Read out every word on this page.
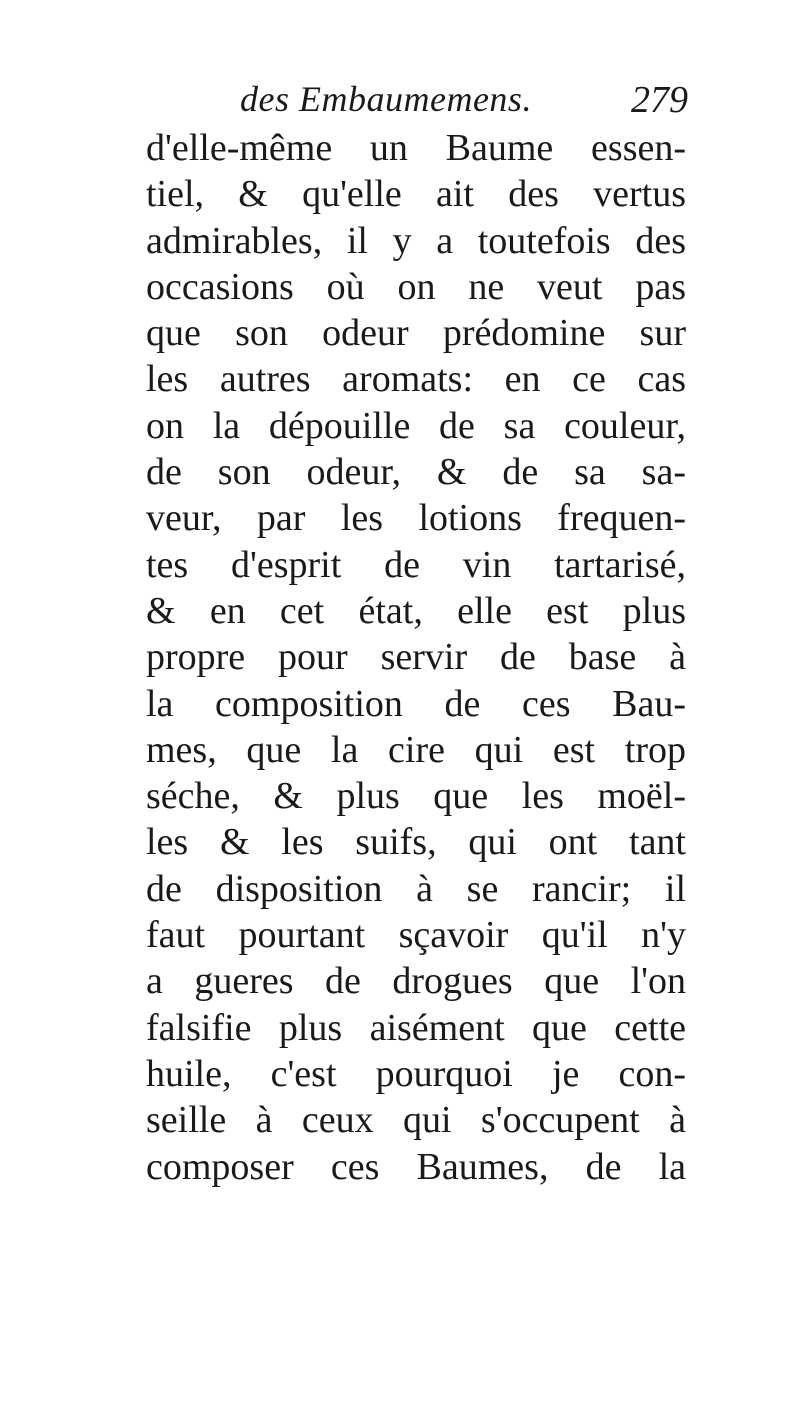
des Embaumemens.	279
d'elle-même un Baume essen-
tiel, & qu'elle ait des vertus
admirables, il y a toutefois des
occasions où on ne veut pas
que son odeur prédomine sur
les autres aromats: en ce cas
on la dépouille de sa couleur,
de son odeur, & de sa sa-
veur, par les lotions frequen-
tes d'esprit de vin tartarisé,
& en cet état, elle est plus
propre pour servir de base à
la composition de ces Bau-
mes, que la cire qui est trop
séche, & plus que les moël-
les & les suifs, qui ont tant
de disposition à se rancir; il
faut pourtant sçavoir qu'il n'y
a gueres de drogues que l'on
falsifie plus aisément que cette
huile, c'est pourquoi je con-
seille à ceux qui s'occupent à
composer ces Baumes, de la
